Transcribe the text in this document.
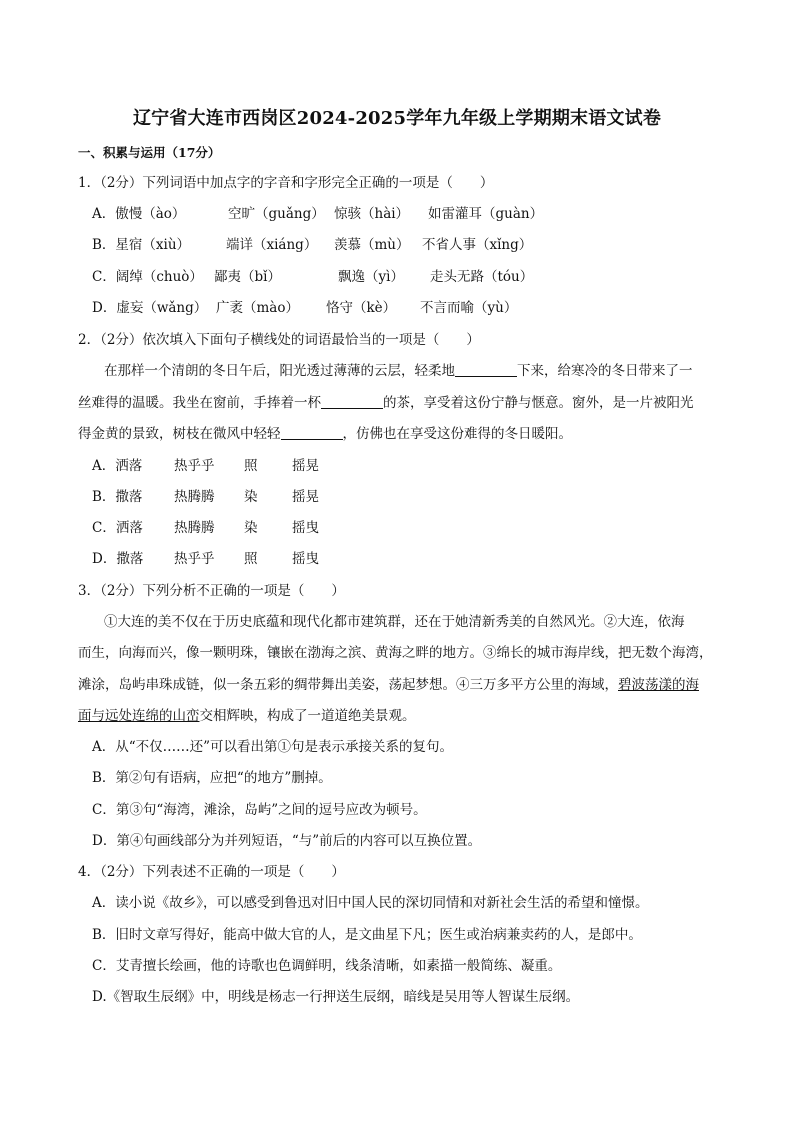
辽宁省大连市西岗区2024-2025学年九年级上学期期末语文试卷
一、积累与运用（17分）
1．（2分）下列词语中加点字的字音和字形完全正确的一项是（　　）
A．傲慢（ào）	空旷（guǎng） 惊骇（hài） 如雷灌耳（guàn）
B．星宿（xiù）	端详（xiáng） 羡慕（mù） 不省人事（xǐng）
C．阔绰（chuò） 鄙夷（bǐ）	飘逸（yì） 走头无路（tóu）
D．虚妄（wǎng） 广袤（mào） 恪守（kè） 不言而喻（yù）
2．（2分）依次填入下面句子横线处的词语最恰当的一项是（　　）
在那样一个清朗的冬日午后，阳光透过薄薄的云层，轻柔地	下来，给寒冷的冬日带来了一
丝难得的温暖。我坐在窗前，手捧着一杯	的茶，享受着这份宁静与惬意。窗外，是一片被阳光
得金黄的景致，树枝在微风中轻轻	，仿佛也在享受这份难得的冬日暖阳。
A．洒落 热乎乎 照	摇晃
B．撒落 热腾腾 染	摇晃
C．洒落 热腾腾 染	摇曳
D．撒落 热乎乎 照	摇曳
3．（2分）下列分析不正确的一项是（　　）
①大连的美不仅在于历史底蕴和现代化都市建筑群，还在于她清新秀美的自然风光。②大连，依海
而生，向海而兴，像一颗明珠，镶嵌在渤海之滨、黄海之畔的地方。③绵长的城市海岸线，把无数个海湾，
滩涂，岛屿串珠成链，似一条五彩的绸带舞出美姿，荡起梦想。④三万多平方公里的海域，碧波荡漾的海
面与远处连绵的山峦交相辉映，构成了一道道绝美景观。
A．从“不仅……还”可以看出第①句是表示承接关系的复句。
B．第②句有语病，应把“的地方”删掉。
C．第③句“海湾，滩涂，岛屿”之间的逗号应改为顿号。
D．第④句画线部分为并列短语，“与”前后的内容可以互换位置。
4．（2分）下列表述不正确的一项是（　　）
A．读小说《故乡》，可以感受到鲁迅对旧中国人民的深切同情和对新社会生活的希望和憧憬。
B．旧时文章写得好，能高中做大官的人，是文曲星下凡；医生或治病兼卖药的人，是郎中。
C．艾青擅长绘画，他的诗歌也色调鲜明，线条清晰，如素描一般简练、凝重。
D.《智取生辰纲》中，明线是杨志一行押送生辰纲，暗线是吴用等人智谋生辰纲。
